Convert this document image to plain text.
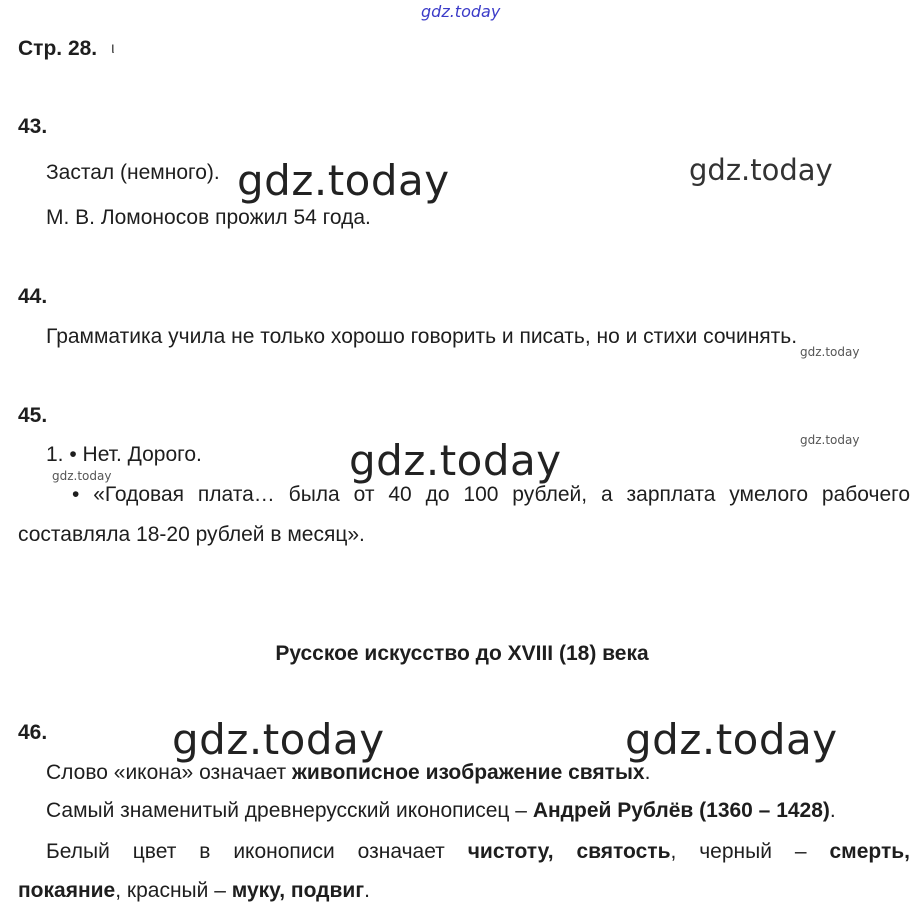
gdz.today
Стр. 28. ι
43.
Застал (немного).
М. В. Ломоносов прожил 54 года.
gdz.today	gdz.today
44.
Грамматика учила не только хорошо говорить и писать, но и стихи сочинять.
gdz.today
45.
1. • Нет. Дорого.
gdz.today
gdz.today
gdz.today
• «Годовая плата… была от 40 до 100 рублей, а зарплата умелого рабочего
составляла 18-20 рублей в месяц».
Русское искусство до XVIII (18) века
46.	gdz.today	gdz.today
Слово «икона» означает живописное изображение святых.
Самый знаменитый древнерусский иконописец – Андрей Рублёв (1360 – 1428).
Белый цвет в иконописи означает чистоту, святость, черный – смерть,
покаяние, красный – муку, подвиг.
